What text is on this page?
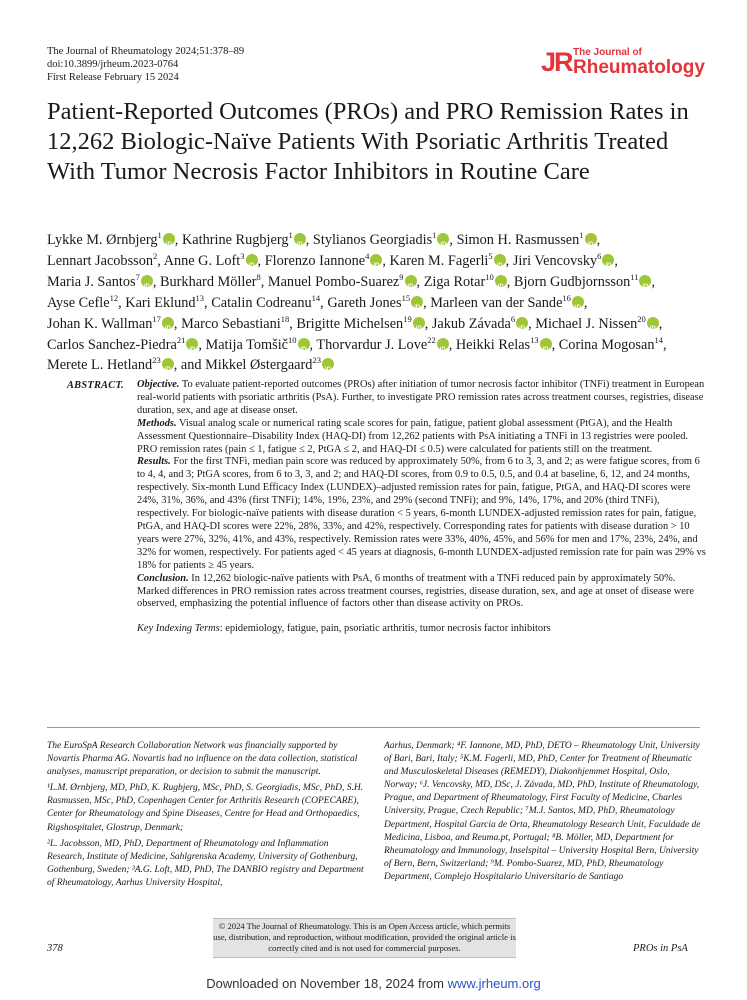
The Journal of Rheumatology 2024;51:378–89
doi:10.3899/jrheum.2023-0764
First Release February 15 2024
JR The Journal of
Rheumatology
Patient-Reported Outcomes (PROs) and PRO Remission Rates in 12,262 Biologic-Naïve Patients With Psoriatic Arthritis Treated With Tumor Necrosis Factor Inhibitors in Routine Care
Lykke M. Ørnbjerg$^1$ iD , Kathrine Rugbjerg$^1$ iD , Stylianos Georgiadis$^1$ iD , Simon H. Rasmussen$^1$ iD , Lennart Jacobsson$^2$, Anne G. Loft$^3$ iD , Florenzo Iannone$^4$ iD , Karen M. Fagerli$^5$ iD , Jiri Vencovsky$^6$ iD , Maria J. Santos$^7$ iD , Burkhard Möller$^8$, Manuel Pombo-Suarez$^9$ iD , Ziga Rotar$^{10}$ iD , Bjorn Gudbjornsson$^{11}$ iD , Ayse Cefle$^{12}$, Kari Eklund$^{13}$, Catalin Codreanu$^{14}$, Gareth Jones$^{15}$ iD , Marleen van der Sande$^{16}$ iD , Johan K. Wallman$^{17}$ iD , Marco Sebastiani$^{18}$, Brigitte Michelsen$^{19}$ iD , Jakub Závada$^6$ iD , Michael J. Nissen$^{20}$ iD , Carlos Sanchez-Piedra$^{21}$ iD , Matija Tomšič$^{10}$ iD , Thorvardur J. Love$^{22}$ iD , Heikki Relas$^{13}$ iD , Corina Mogosan$^{14}$, Merete L. Hetland$^{23}$ iD , and Mikkel Østergaard$^{23}$iD
ABSTRACT. Objective. To evaluate patient-reported outcomes (PROs) after initiation of tumor necrosis factor inhibitor (TNFi) treatment in European real-world patients with psoriatic arthritis (PsA). Further, to investigate PRO remission rates across treatment courses, registries, disease duration, sex, and age at disease onset.

Methods. Visual analog scale or numerical rating scale scores for pain, fatigue, patient global assessment (PtGA), and the Health Assessment Questionnaire–Disability Index (HAQ-DI) from 12,262 patients with PsA initiating a TNFi in 13 registries were pooled. PRO remission rates (pain ≤ 1, fatigue ≤ 2, PtGA ≤ 2, and HAQ-DI ≤ 0.5) were calculated for patients still on the treatment.

Results. For the first TNFi, median pain score was reduced by approximately 50%, from 6 to 3, 3, and 2; as were fatigue scores, from 6 to 4, 4, and 3; PtGA scores, from 6 to 3, 3, and 2; and HAQ-DI scores, from 0.9 to 0.5, 0.5, and 0.4 at baseline, 6, 12, and 24 months, respectively. Six-month Lund Efficacy Index (LUNDEX)–adjusted remission rates for pain, fatigue, PtGA, and HAQ-DI scores were 24%, 31%, 36%, and 43% (first TNFi); 14%, 19%, 23%, and 29% (second TNFi); and 9%, 14%, 17%, and 20% (third TNFi), respectively. For biologic-naïve patients with disease duration < 5 years, 6-month LUNDEX-adjusted remission rates for pain, fatigue, PtGA, and HAQ-DI scores were 22%, 28%, 33%, and 42%, respectively. Corresponding rates for patients with disease duration > 10 years were 27%, 32%, 41%, and 43%, respectively. Remission rates were 33%, 40%, 45%, and 56% for men and 17%, 23%, 24%, and 32% for women, respectively. For patients aged < 45 years at diagnosis, 6-month LUNDEX-adjusted remission rate for pain was 29% vs 18% for patients ≥ 45 years.

Conclusion. In 12,262 biologic-naïve patients with PsA, 6 months of treatment with a TNFi reduced pain by approximately 50%. Marked differences in PRO remission rates across treatment courses, registries, disease duration, sex, and age at onset of disease were observed, emphasizing the potential influence of factors other than disease activity on PROs.

Key Indexing Terms: epidemiology, fatigue, pain, psoriatic arthritis, tumor necrosis factor inhibitors

The EuroSpA Research Collaboration Network was financially supported by Novartis Pharma AG. Novartis had no influence on the data collection, statistical analyses, manuscript preparation, or decision to submit the manuscript.

¹L.M. Ørnbjerg, MD, PhD, K. Rugbjerg, MSc, PhD, S. Georgiadis, MSc, PhD, S.H. Rasmussen, MSc, PhD, Copenhagen Center for Arthritis Research (COPECARE), Center for Rheumatology and Spine Diseases, Centre for Head and Orthopaedics, Rigshospitalet, Glostrup, Denmark;

²L. Jacobsson, MD, PhD, Department of Rheumatology and Inflammation Research, Institute of Medicine, Sahlgrenska Academy, University of Gothenburg, Gothenburg, Sweden; ³A.G. Loft, MD, PhD, The DANBIO registry and Department of Rheumatology, Aarhus University Hospital,

Aarhus, Denmark; ⁴F. Iannone, MD, PhD, DETO – Rheumatology Unit, University of Bari, Bari, Italy; ⁵K.M. Fagerli, MD, PhD, Center for Treatment of Rheumatic and Musculoskeletal Diseases (REMEDY), Diakonhjemmet Hospital, Oslo, Norway; ⁶J. Vencovsky, MD, DSc, J. Závada, MD, PhD, Institute of Rheumatology, Prague, and Department of Rheumatology, First Faculty of Medicine, Charles University, Prague, Czech Republic; ⁷M.J. Santos, MD, PhD, Rheumatology Department, Hospital Garcia de Orta, Rheumatology Research Unit, Faculdade de Medicina, Lisboa, and Reuma.pt, Portugal; ⁸B. Möller, MD, Department for Rheumatology and Immunology, Inselspital – University Hospital Bern, University of Bern, Bern, Switzerland; ⁹M. Pombo-Suarez, MD, PhD, Rheumatology Department, Complejo Hospitalario Universitario de Santiago

© 2024 The Journal of Rheumatology. This is an Open Access article, which permits use, distribution, and reproduction, without modification, provided the original article is correctly cited and is not used for commercial purposes.
378	PROs in PsA
Downloaded on November 18, 2024 from www.jrheum.org
